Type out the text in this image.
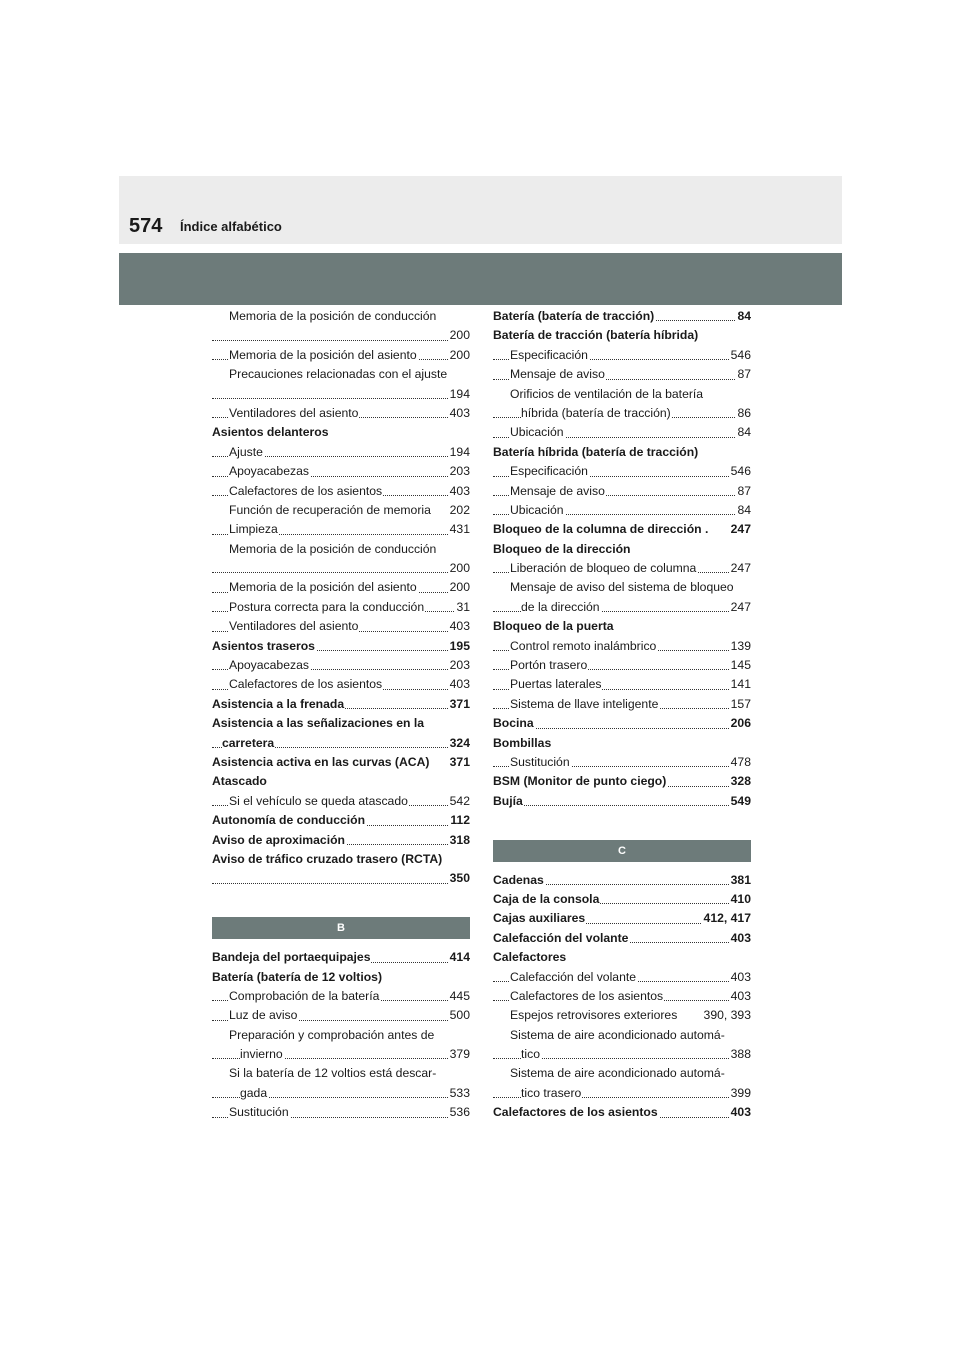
574 Índice alfabético
Memoria de la posición de conducción
200
Memoria de la posición del asiento	200
Precauciones relacionadas con el ajuste
194
Ventiladores del asiento	403
Asientos delanteros
Ajuste	194
Apoyacabezas	203
Calefactores de los asientos	403
Función de recuperación de memoria 202
Limpieza	431
Memoria de la posición de conducción
200
Memoria de la posición del asiento	200
Postura correcta para la conducción	31
Ventiladores del asiento	403
Asientos traseros	195
Apoyacabezas	203
Calefactores de los asientos	403
Asistencia a la frenada	371
Asistencia a las señalizaciones en la
carretera	324
Asistencia activa en las curvas (ACA) 371
Atascado
Si el vehículo se queda atascado	542
Autonomía de conducción	112
Aviso de aproximación	318
Aviso de tráfico cruzado trasero (RCTA)
350
B
Bandeja del portaequipajes	414
Batería (batería de 12 voltios)
Comprobación de la batería	445
Luz de aviso	500
Preparación y comprobación antes de
invierno	379
Si la batería de 12 voltios está descar-
gada	533
Sustitución	536
Batería (batería de tracción)	84
Batería de tracción (batería híbrida)
Especificación	546
Mensaje de aviso	87
Orificios de ventilación de la batería
híbrida (batería de tracción)	86
Ubicación	84
Batería híbrida (batería de tracción)
Especificación	546
Mensaje de aviso	87
Ubicación	84
Bloqueo de la columna de dirección . 247
Bloqueo de la dirección
Liberación de bloqueo de columna	247
Mensaje de aviso del sistema de bloqueo
de la dirección	247
Bloqueo de la puerta
Control remoto inalámbrico	139
Portón trasero	145
Puertas laterales	141
Sistema de llave inteligente	157
Bocina	206
Bombillas
Sustitución	478
BSM (Monitor de punto ciego)	328
Bujía	549
C
Cadenas	381
Caja de la consola	410
Cajas auxiliares	412, 417
Calefacción del volante	403
Calefactores
Calefacción del volante	403
Calefactores de los asientos	403
Espejos retrovisores exteriores 390, 393
Sistema de aire acondicionado automá-
tico	388
Sistema de aire acondicionado automá-
tico trasero	399
Calefactores de los asientos	403
